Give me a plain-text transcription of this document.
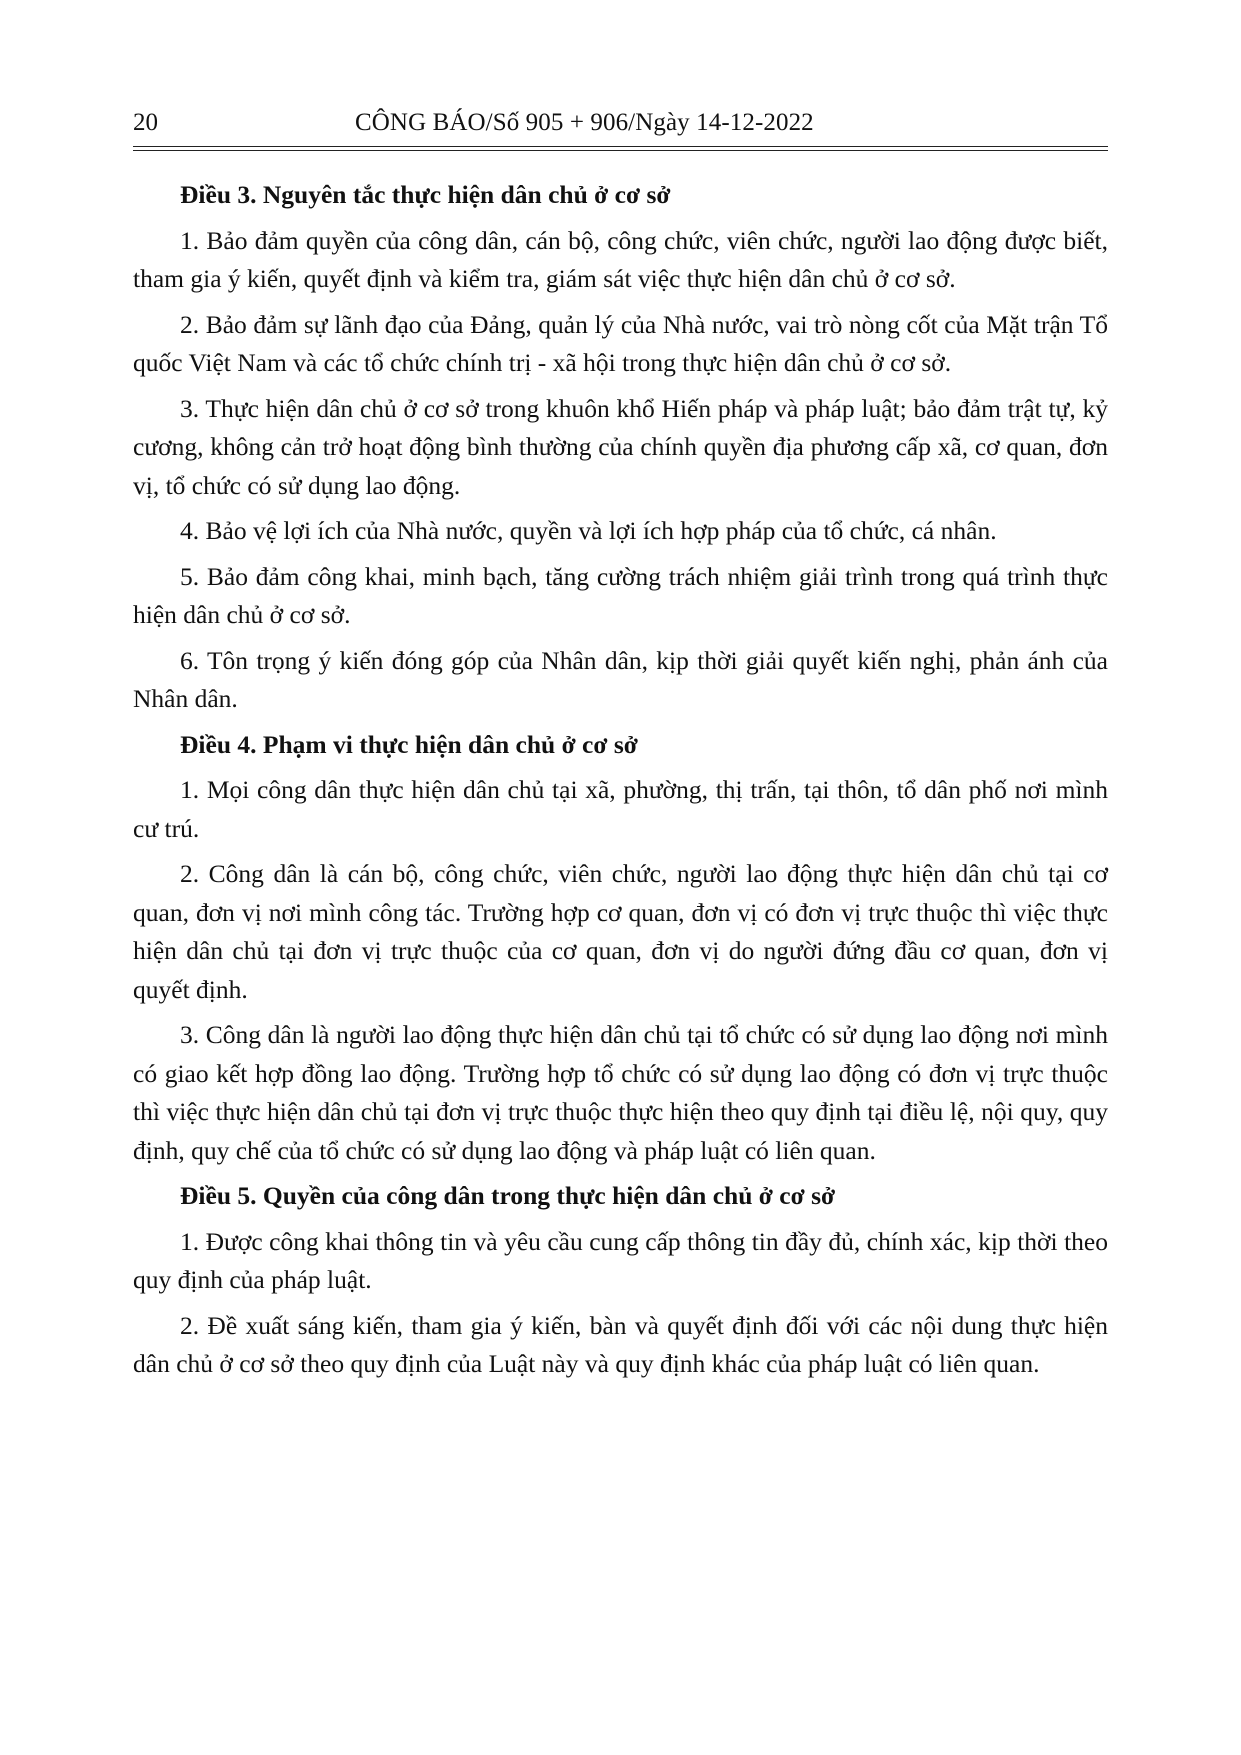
20	CÔNG BÁO/Số 905 + 906/Ngày 14-12-2022
Điều 3. Nguyên tắc thực hiện dân chủ ở cơ sở
1. Bảo đảm quyền của công dân, cán bộ, công chức, viên chức, người lao động được biết, tham gia ý kiến, quyết định và kiểm tra, giám sát việc thực hiện dân chủ ở cơ sở.
2. Bảo đảm sự lãnh đạo của Đảng, quản lý của Nhà nước, vai trò nòng cốt của Mặt trận Tổ quốc Việt Nam và các tổ chức chính trị - xã hội trong thực hiện dân chủ ở cơ sở.
3. Thực hiện dân chủ ở cơ sở trong khuôn khổ Hiến pháp và pháp luật; bảo đảm trật tự, kỷ cương, không cản trở hoạt động bình thường của chính quyền địa phương cấp xã, cơ quan, đơn vị, tổ chức có sử dụng lao động.
4. Bảo vệ lợi ích của Nhà nước, quyền và lợi ích hợp pháp của tổ chức, cá nhân.
5. Bảo đảm công khai, minh bạch, tăng cường trách nhiệm giải trình trong quá trình thực hiện dân chủ ở cơ sở.
6. Tôn trọng ý kiến đóng góp của Nhân dân, kịp thời giải quyết kiến nghị, phản ánh của Nhân dân.
Điều 4. Phạm vi thực hiện dân chủ ở cơ sở
1. Mọi công dân thực hiện dân chủ tại xã, phường, thị trấn, tại thôn, tổ dân phố nơi mình cư trú.
2. Công dân là cán bộ, công chức, viên chức, người lao động thực hiện dân chủ tại cơ quan, đơn vị nơi mình công tác. Trường hợp cơ quan, đơn vị có đơn vị trực thuộc thì việc thực hiện dân chủ tại đơn vị trực thuộc của cơ quan, đơn vị do người đứng đầu cơ quan, đơn vị quyết định.
3. Công dân là người lao động thực hiện dân chủ tại tổ chức có sử dụng lao động nơi mình có giao kết hợp đồng lao động. Trường hợp tổ chức có sử dụng lao động có đơn vị trực thuộc thì việc thực hiện dân chủ tại đơn vị trực thuộc thực hiện theo quy định tại điều lệ, nội quy, quy định, quy chế của tổ chức có sử dụng lao động và pháp luật có liên quan.
Điều 5. Quyền của công dân trong thực hiện dân chủ ở cơ sở
1. Được công khai thông tin và yêu cầu cung cấp thông tin đầy đủ, chính xác, kịp thời theo quy định của pháp luật.
2. Đề xuất sáng kiến, tham gia ý kiến, bàn và quyết định đối với các nội dung thực hiện dân chủ ở cơ sở theo quy định của Luật này và quy định khác của pháp luật có liên quan.
